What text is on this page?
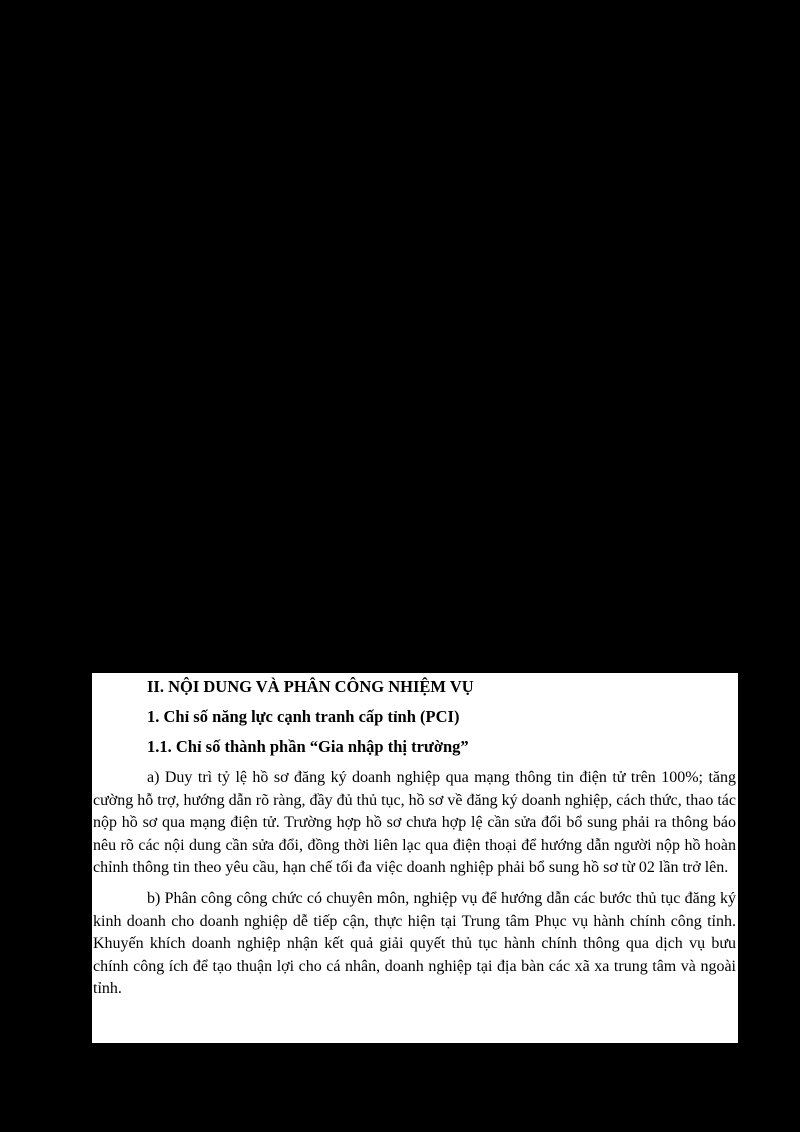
II. NỘI DUNG VÀ PHÂN CÔNG NHIỆM VỤ
1. Chỉ số năng lực cạnh tranh cấp tỉnh (PCI)
1.1. Chỉ số thành phần “Gia nhập thị trường”

a) Duy trì tỷ lệ hồ sơ đăng ký doanh nghiệp qua mạng thông tin điện tử trên 100%; tăng cường hỗ trợ, hướng dẫn rõ ràng, đầy đủ thủ tục, hồ sơ về đăng ký doanh nghiệp, cách thức, thao tác nộp hồ sơ qua mạng điện tử. Trường hợp hồ sơ chưa hợp lệ cần sửa đổi bổ sung phải ra thông báo nêu rõ các nội dung cần sửa đổi, đồng thời liên lạc qua điện thoại để hướng dẫn người nộp hồ hoàn chỉnh thông tin theo yêu cầu, hạn chế tối đa việc doanh nghiệp phải bổ sung hồ sơ từ 02 lần trở lên.

b) Phân công công chức có chuyên môn, nghiệp vụ để hướng dẫn các bước thủ tục đăng ký kinh doanh cho doanh nghiệp dễ tiếp cận, thực hiện tại Trung tâm Phục vụ hành chính công tỉnh. Khuyến khích doanh nghiệp nhận kết quả giải quyết thủ tục hành chính thông qua dịch vụ bưu chính công ích để tạo thuận lợi cho cá nhân, doanh nghiệp tại địa bàn các xã xa trung tâm và ngoài tỉnh.
